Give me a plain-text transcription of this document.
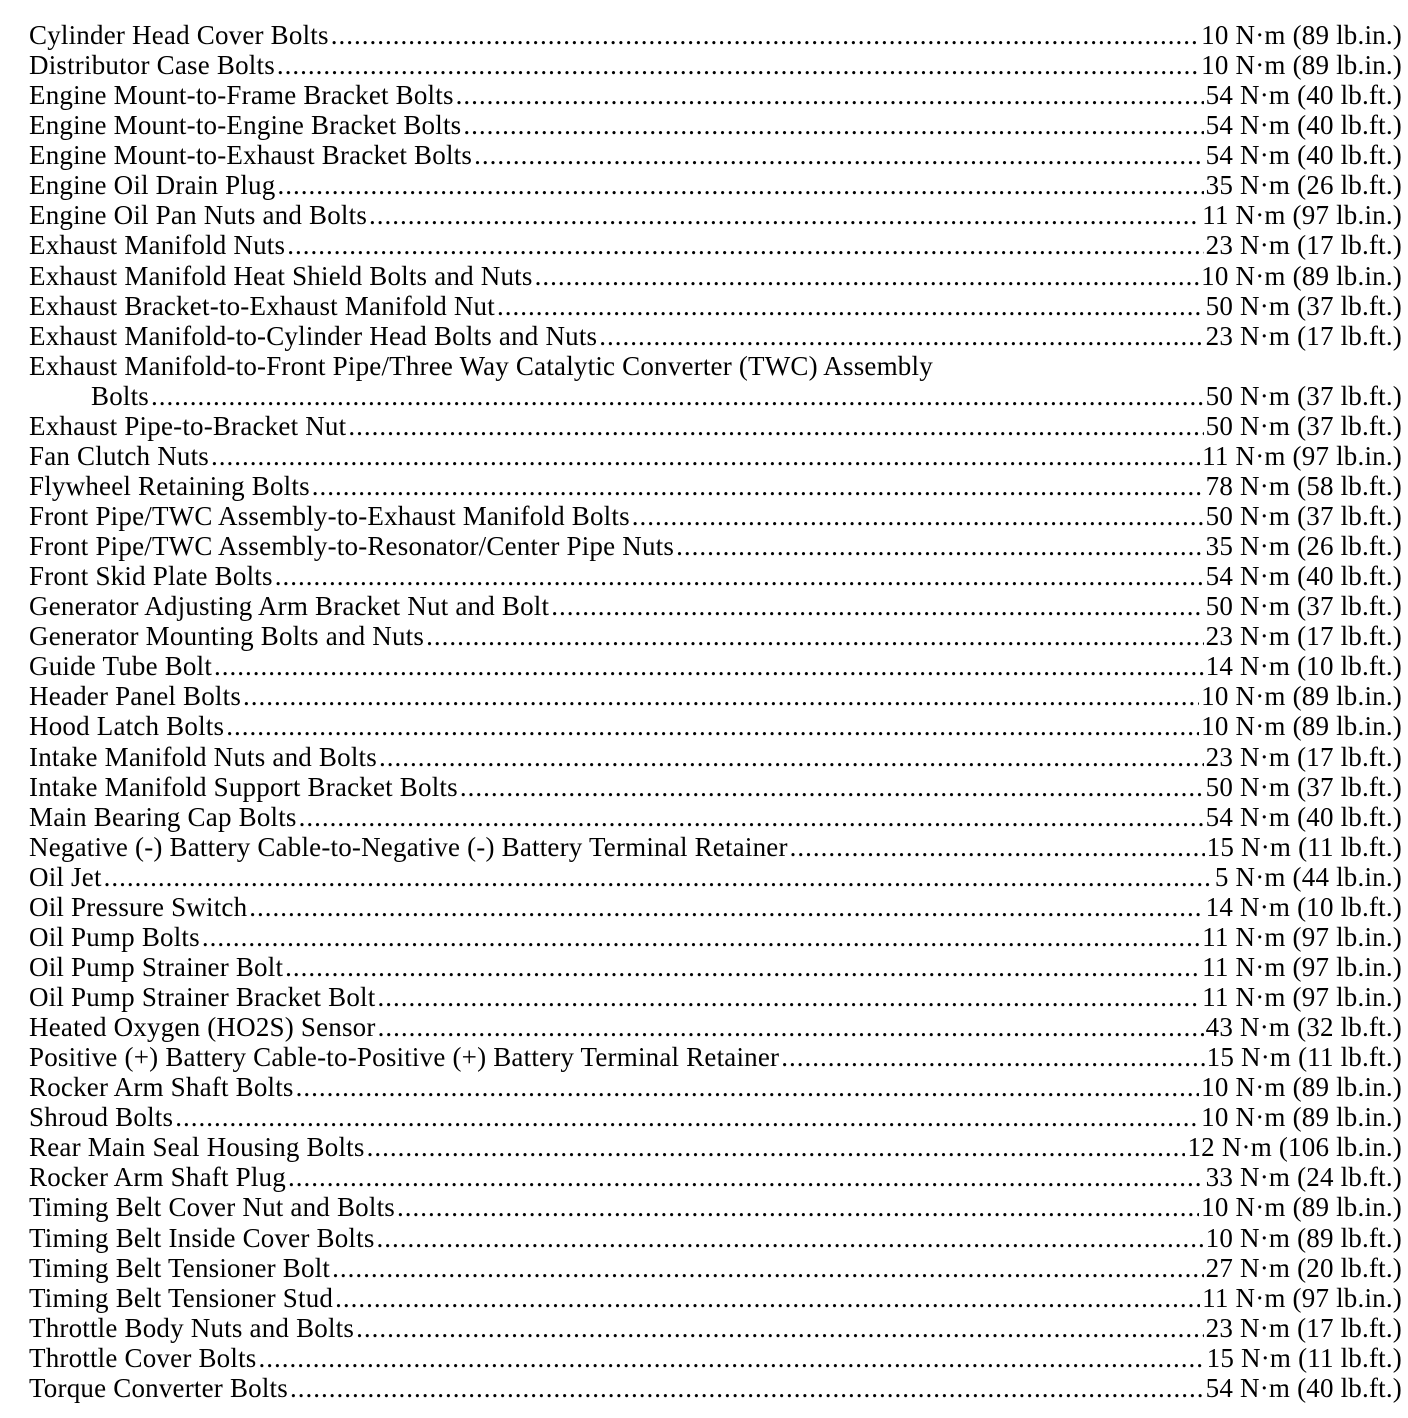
Cylinder Head Cover Bolts .....	10 N·m (89 lb.in.)
Distributor Case Bolts .....	10 N·m (89 lb.in.)
Engine Mount-to-Frame Bracket Bolts .....	54 N·m (40 lb.ft.)
Engine Mount-to-Engine Bracket Bolts .....	54 N·m (40 lb.ft.)
Engine Mount-to-Exhaust Bracket Bolts .....	54 N·m (40 lb.ft.)
Engine Oil Drain Plug .....	35 N·m (26 lb.ft.)
Engine Oil Pan Nuts and Bolts .....	11 N·m (97 lb.in.)
Exhaust Manifold Nuts .....	23 N·m (17 lb.ft.)
Exhaust Manifold Heat Shield Bolts and Nuts .....	10 N·m (89 lb.in.)
Exhaust Bracket-to-Exhaust Manifold Nut .....	50 N·m (37 lb.ft.)
Exhaust Manifold-to-Cylinder Head Bolts and Nuts .....	23 N·m (17 lb.ft.)
Exhaust Manifold-to-Front Pipe/Three Way Catalytic Converter (TWC) Assembly
Bolts .....	50 N·m (37 lb.ft.)
Exhaust Pipe-to-Bracket Nut .....	50 N·m (37 lb.ft.)
Fan Clutch Nuts .....	11 N·m (97 lb.in.)
Flywheel Retaining Bolts .....	78 N·m (58 lb.ft.)
Front Pipe/TWC Assembly-to-Exhaust Manifold Bolts .....	50 N·m (37 lb.ft.)
Front Pipe/TWC Assembly-to-Resonator/Center Pipe Nuts .....	35 N·m (26 lb.ft.)
Front Skid Plate Bolts .....	54 N·m (40 lb.ft.)
Generator Adjusting Arm Bracket Nut and Bolt .....	50 N·m (37 lb.ft.)
Generator Mounting Bolts and Nuts .....	23 N·m (17 lb.ft.)
Guide Tube Bolt .....	14 N·m (10 lb.ft.)
Header Panel Bolts .....	10 N·m (89 lb.in.)
Hood Latch Bolts .....	10 N·m (89 lb.in.)
Intake Manifold Nuts and Bolts .....	23 N·m (17 lb.ft.)
Intake Manifold Support Bracket Bolts .....	50 N·m (37 lb.ft.)
Main Bearing Cap Bolts .....	54 N·m (40 lb.ft.)
Negative (-) Battery Cable-to-Negative (-) Battery Terminal Retainer .....	15 N·m (11 lb.ft.)
Oil Jet .....	5 N·m (44 lb.in.)
Oil Pressure Switch .....	14 N·m (10 lb.ft.)
Oil Pump Bolts .....	11 N·m (97 lb.in.)
Oil Pump Strainer Bolt .....	11 N·m (97 lb.in.)
Oil Pump Strainer Bracket Bolt .....	11 N·m (97 lb.in.)
Heated Oxygen (HO2S) Sensor .....	43 N·m (32 lb.ft.)
Positive (+) Battery Cable-to-Positive (+) Battery Terminal Retainer .....	15 N·m (11 lb.ft.)
Rocker Arm Shaft Bolts .....	10 N·m (89 lb.in.)
Shroud Bolts .....	10 N·m (89 lb.in.)
Rear Main Seal Housing Bolts .....	12 N·m (106 lb.in.)
Rocker Arm Shaft Plug .....	33 N·m (24 lb.ft.)
Timing Belt Cover Nut and Bolts .....	10 N·m (89 lb.in.)
Timing Belt Inside Cover Bolts .....	10 N·m (89 lb.ft.)
Timing Belt Tensioner Bolt .....	27 N·m (20 lb.ft.)
Timing Belt Tensioner Stud .....	11 N·m (97 lb.in.)
Throttle Body Nuts and Bolts .....	23 N·m (17 lb.ft.)
Throttle Cover Bolts .....	15 N·m (11 lb.ft.)
Torque Converter Bolts .....	54 N·m (40 lb.ft.)
